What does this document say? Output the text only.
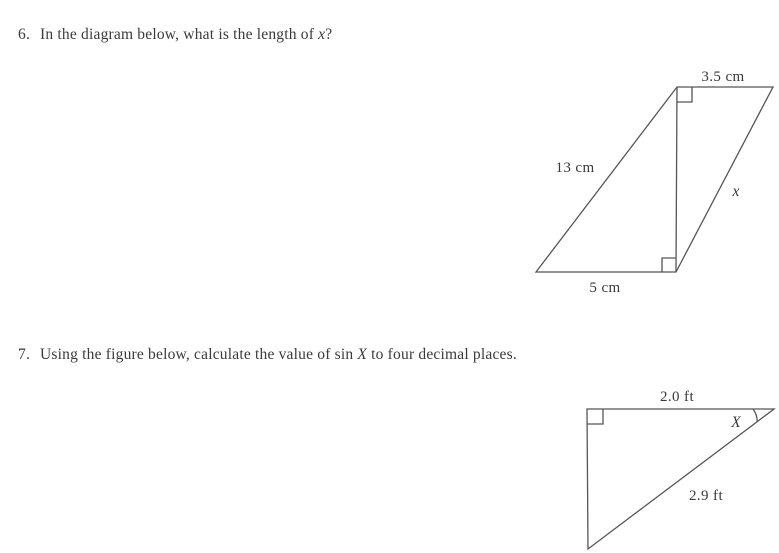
6. In the diagram below, what is the length of x?

3.5 cm
13 cm
x
5 cm

7. Using the figure below, calculate the value of sin X to four decimal places.

2.0 ft
X
2.9 ft
